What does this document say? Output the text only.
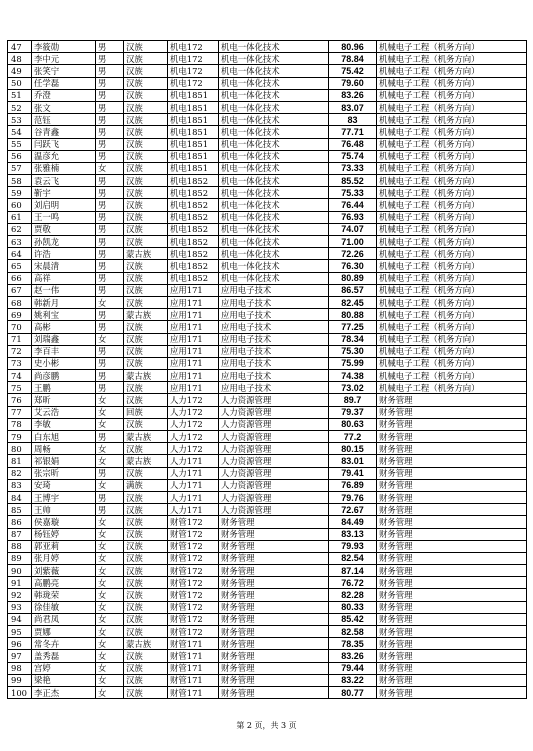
47	李筱勋	男	汉族	机电172	机电一体化技术	80.96	机械电子工程（机务方向）
48	李中元	男	汉族	机电172	机电一体化技术	78.84	机械电子工程（机务方向）
49	张笑宁	男	汉族	机电172	机电一体化技术	75.42	机械电子工程（机务方向）
50	任学磊	男	汉族	机电172	机电一体化技术	79.60	机械电子工程（机务方向）
51	乔澄	男	汉族	机电1851	机电一体化技术	83.26	机械电子工程（机务方向）
52	张文	男	汉族	机电1851	机电一体化技术	83.07	机械电子工程（机务方向）
53	范钰	男	汉族	机电1851	机电一体化技术	83	机械电子工程（机务方向）
54	谷青鑫	男	汉族	机电1851	机电一体化技术	77.71	机械电子工程（机务方向）
55	闫跃飞	男	汉族	机电1851	机电一体化技术	76.48	机械电子工程（机务方向）
56	温彦允	男	汉族	机电1851	机电一体化技术	75.74	机械电子工程（机务方向）
57	张雅楠	女	汉族	机电1851	机电一体化技术	73.33	机械电子工程（机务方向）
58	袁云飞	男	汉族	机电1852	机电一体化技术	85.52	机械电子工程（机务方向）
59	靳宇	男	汉族	机电1852	机电一体化技术	75.33	机械电子工程（机务方向）
60	刘启明	男	汉族	机电1852	机电一体化技术	76.44	机械电子工程（机务方向）
61	王一鸣	男	汉族	机电1852	机电一体化技术	76.93	机械电子工程（机务方向）
62	贾敬	男	汉族	机电1852	机电一体化技术	74.07	机械电子工程（机务方向）
63	孙凯龙	男	汉族	机电1852	机电一体化技术	71.00	机械电子工程（机务方向）
64	许浩	男	蒙古族	机电1852	机电一体化技术	72.26	机械电子工程（机务方向）
65	宋晨清	男	汉族	机电1852	机电一体化技术	76.30	机械电子工程（机务方向）
66	高祥	男	汉族	机电1852	机电一体化技术	80.89	机械电子工程（机务方向）
67	赵一伟	男	汉族	应用171	应用电子技术	86.57	机械电子工程（机务方向）
68	韩新月	女	汉族	应用171	应用电子技术	82.45	机械电子工程（机务方向）
69	姚利宝	男	蒙古族	应用171	应用电子技术	80.88	机械电子工程（机务方向）
70	高彬	男	汉族	应用171	应用电子技术	77.25	机械电子工程（机务方向）
71	刘瑞鑫	女	汉族	应用171	应用电子技术	78.34	机械电子工程（机务方向）
72	李百丰	男	汉族	应用171	应用电子技术	75.30	机械电子工程（机务方向）
73	史小彬	男	汉族	应用171	应用电子技术	75.99	机械电子工程（机务方向）
74	尚彦鹏	男	蒙古族	应用171	应用电子技术	74.38	机械电子工程（机务方向）
75	王鹏	男	汉族	应用171	应用电子技术	73.02	机械电子工程（机务方向）
76	郑昕	女	汉族	人力172	人力资源管理	89.7	财务管理
77	艾云浩	女	回族	人力172	人力资源管理	79.37	财务管理
78	李敏	女	汉族	人力172	人力资源管理	80.63	财务管理
79	白东旭	男	蒙古族	人力172	人力资源管理	77.2	财务管理
80	周畅	女	汉族	人力172	人力资源管理	80.15	财务管理
81	祁银娟	女	蒙古族	人力171	人力资源管理	83.01	财务管理
82	张宗昕	男	汉族	人力171	人力资源管理	79.41	财务管理
83	安琦	女	满族	人力171	人力资源管理	76.89	财务管理
84	王博宇	男	汉族	人力171	人力资源管理	79.76	财务管理
85	王帅	男	汉族	人力171	人力资源管理	72.67	财务管理
86	侯嘉璇	女	汉族	财管172	财务管理	84.49	财务管理
87	杨钰婷	女	汉族	财管172	财务管理	83.13	财务管理
88	郭亚莉	女	汉族	财管172	财务管理	79.93	财务管理
89	张月婷	女	汉族	财管172	财务管理	82.54	财务管理
90	刘紫薇	女	汉族	财管172	财务管理	87.14	财务管理
91	高鹏亮	女	汉族	财管172	财务管理	76.72	财务管理
92	韩珑荣	女	汉族	财管172	财务管理	82.28	财务管理
93	徐佳敏	女	汉族	财管172	财务管理	80.33	财务管理
94	尚君凤	女	汉族	财管172	财务管理	85.42	财务管理
95	贾娜	女	汉族	财管172	财务管理	82.58	财务管理
96	常冬卉	女	蒙古族	财管171	财务管理	78.35	财务管理
97	盖秀磊	女	汉族	财管171	财务管理	83.26	财务管理
98	宫婷	女	汉族	财管171	财务管理	79.44	财务管理
99	梁艳	女	汉族	财管171	财务管理	83.22	财务管理
100	李正杰	女	汉族	财管171	财务管理	80.77	财务管理
第 2 页，共 3 页
